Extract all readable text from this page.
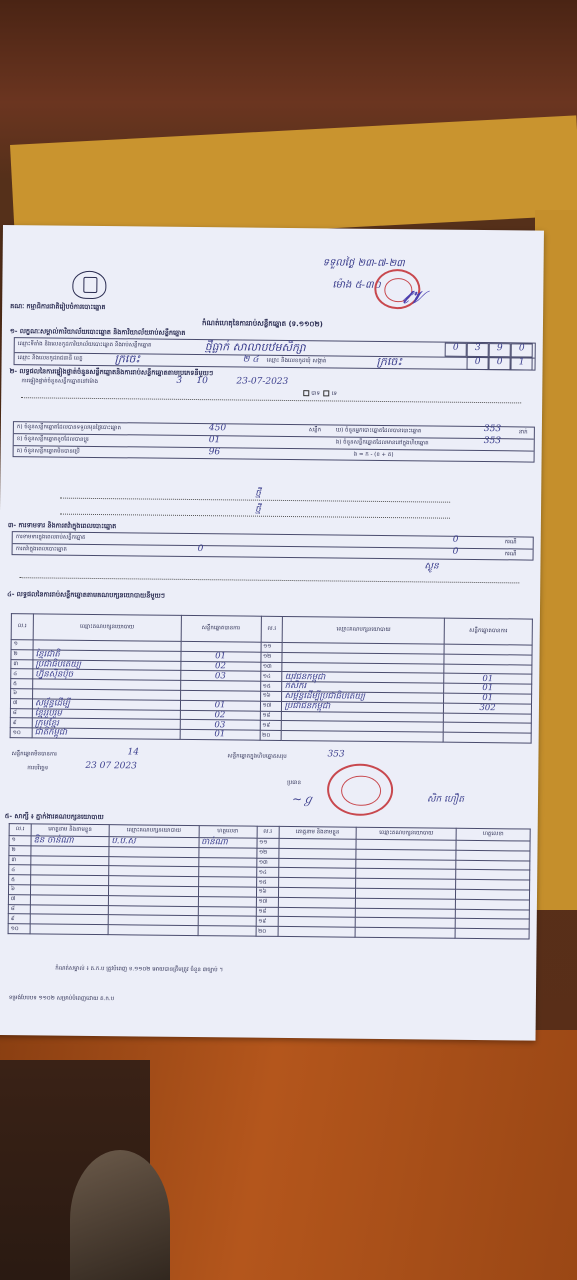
គណៈ កម្មាធិការជាតិរៀបចំការបោះឆ្នោត
កំណត់ហេតុនៃការរាប់សន្លឹកឆ្នោត (ទ.១១០២)
ទទួលថ្ងៃ ២៣-៧-២៣
ម៉ោង ៥-៣០
𝓵𝓥
១- លក្ខណៈសម្គាល់ការិយាល័យបោះឆ្នោត និងការិយាល័យរាប់សន្លឹកឆ្នោត
ឈ្មោះទីតាំង និងលេខកូដការិយាល័យបោះឆ្នោត និងរាប់សន្លឹកឆ្នោត	ថ្មីធ្លាក់ សាលាបឋមសិក្សា
ឈ្មោះ និងលេខកូដរាជធានី ខេត្ត	ក្រចេះ	២ ៤ ឈ្មោះ និងលេខកូដឃុំ សង្កាត់	ក្រចេះ
0	3	9	0
0	0	1
២- លទ្ធផលនៃការផ្ទៀងផ្ទាត់ចំនួនសន្លឹកឆ្នោតនិងការរាប់សន្លឹកឆ្នោតតាមប្រភេទនីមួយៗ
ការផ្ទៀងផ្ទាត់ចំនួនសន្លឹកឆ្នោតនៅម៉ោង	3 10	23-07-2023
បាទ ទេ
ក) ចំនួនសន្លឹកឆ្នោតដែលបានទទួលមុនថ្ងៃបោះឆ្នោត	450	សន្លឹក	ឃ) ចំនួនអ្នកបោះឆ្នោតដែលបានបោះឆ្នោត	353	នាក់
ខ) ចំនួនសន្លឹកឆ្នោតខូចដែលបានប្តូរ	01	ង) ចំនួនសន្លឹកឆ្នោតដែលមាននៅក្នុងហិបឆ្នោត	353
គ) ចំនួនសន្លឹកឆ្នោតមិនបានប្រើ	96	ង = ក - (ខ + គ)
ថ្មី
ថ្មី
៣- ការទាមទារ និងការតវ៉ាក្នុងពេលបោះឆ្នោត
ការទាមទារក្នុងពេលរាប់សន្លឹកឆ្នោត	0	ករណី
ការតវ៉ាក្នុងពេលបោះឆ្នោត	0	0	ករណី
ស្ងូន
៤- លទ្ធផលនៃការរាប់សន្លឹកឆ្នោតតាមគណបក្សនយោបាយនីមួយៗ
ល.រ	ឈ្មោះគណបក្សនយោបាយ	សន្លឹកឆ្នោតបានការ	ល.រ	ឈ្មោះគណបក្សនយោបាយ	សន្លឹកឆ្នោតបានការ
១			១១		
២	ខ្មែរជាតិ	01	១២		
៣	ប្រជាធិបតេយ្យ	02	១៣		
៤	ហ្វ៊ុនស៊ិនប៉ិច	03	១៤	យុវជនកម្ពុជា	01
៥			១៥	កសិករ	01
៦			១៦	សម្ព័ន្ធដើម្បីប្រជាធិបតេយ្យ	01
៧	សម្ព័ន្ធដើម្បី	01	១៧	ប្រជាជនកម្ពុជា	302
៨	ខ្មែររួបរួម	02	១៨		
៩	ក្រុមខ្មែរ	03	១៩		
១០	ជាតិកម្ពុជា	01	២០		
សន្លឹកឆ្នោតមិនបានការ	14	សន្លឹកឆ្នោតក្នុងហិបឆ្នោតសរុប	353
ការបរិច្ឆេទ	23 07 2023
ប្រធាន
~ℊ	សិក ហឿត
៥- សាក្សី ៖ ភ្នាក់ងារគណបក្សនយោបាយ
ល.រ	គោត្តនាម និងនាមខ្លួន	ឈ្មោះគណបក្សនយោបាយ	ហត្ថលេខា	ល.រ	គោត្តនាម និងនាមខ្លួន	ឈ្មោះគណបក្សនយោបាយ	ហត្ថលេខា
១	ឌិន ចាន់ណា	ប.ប.ស	ចាន់ណា	១១			
២				១២			
៣				១៣			
៤				១៤			
៥				១៥			
៦				១៦			
៧				១៧			
៨				១៨			
៩				១៩			
១០				២០			
កំណត់សម្គាល់ ៖ គ.ក.ប ត្រូវបំពេញ ទ.១១០២ អោយបានត្រឹមត្រូវ ចំនួន ៣ច្បាប់ ។
ទម្រង់បែបបទ ១១០២ សម្រាប់បំពេញដោយ គ.ក.ប
